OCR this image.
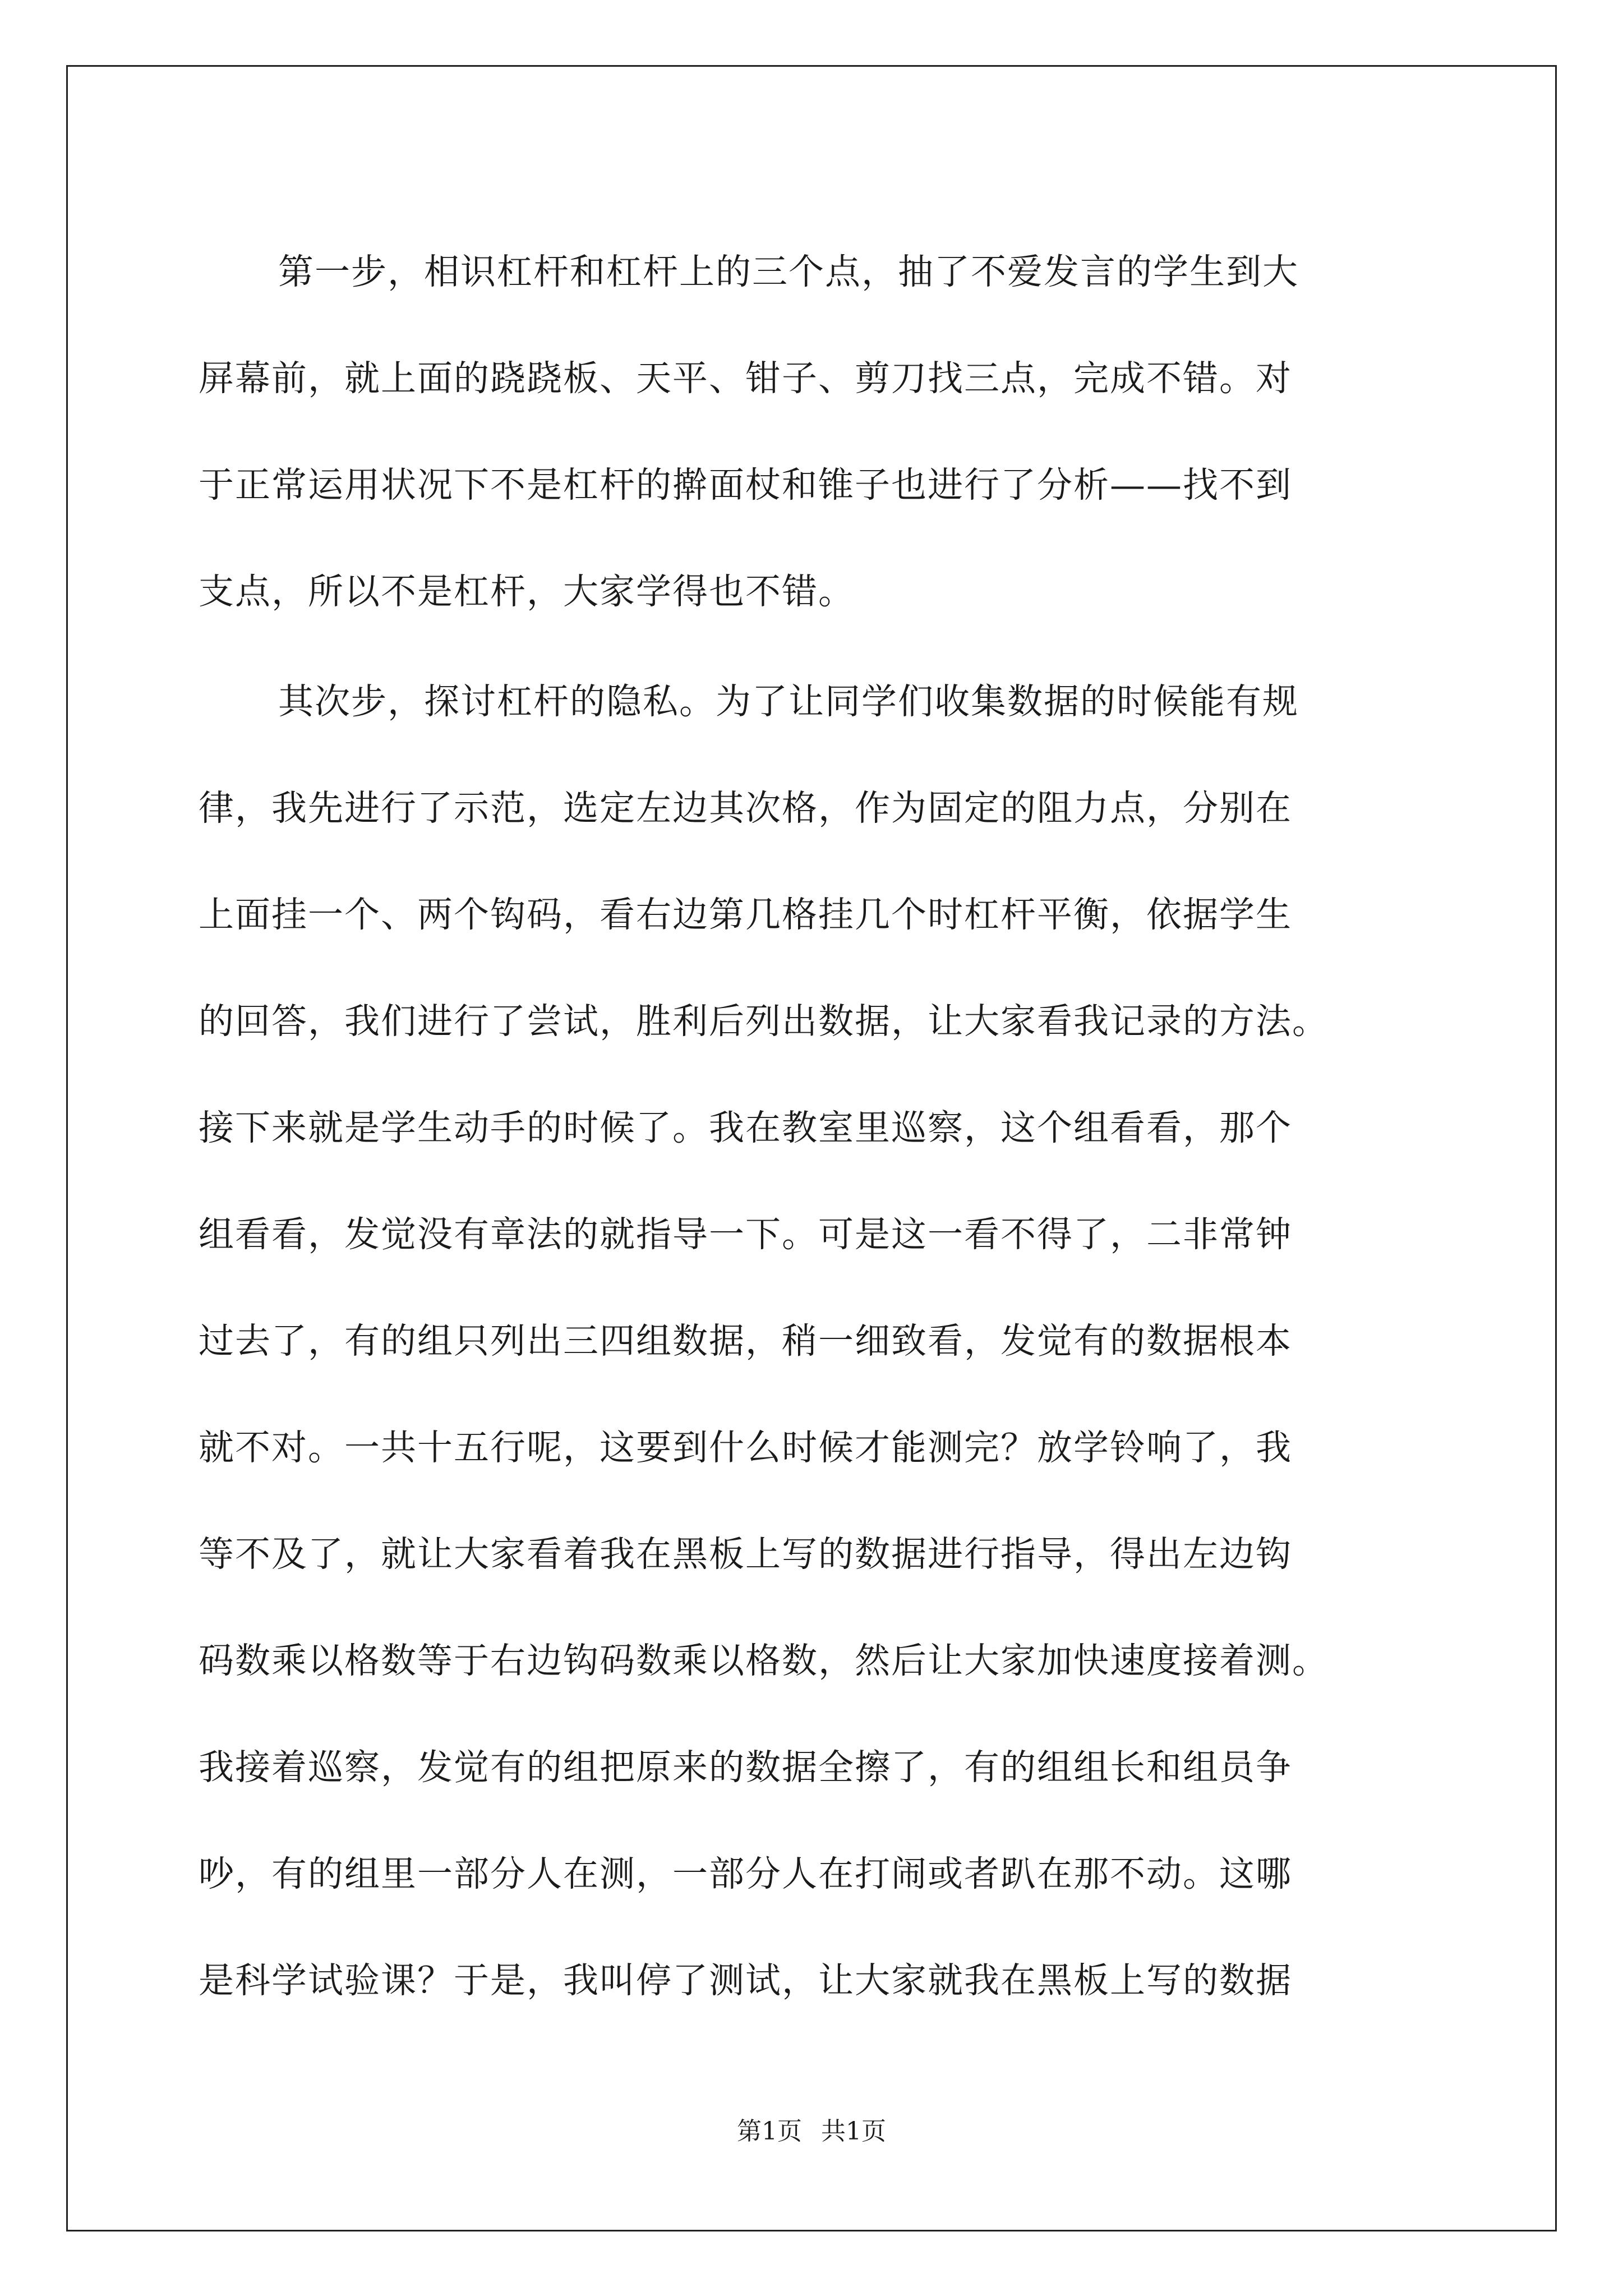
第一步，相识杠杆和杠杆上的三个点，抽了不爱发言的学生到大

屏幕前，就上面的跷跷板、天平、钳子、剪刀找三点，完成不错。对

于正常运用状况下不是杠杆的擀面杖和锥子也进行了分析——找不到

支点，所以不是杠杆，大家学得也不错。

其次步，探讨杠杆的隐私。为了让同学们收集数据的时候能有规

律，我先进行了示范，选定左边其次格，作为固定的阻力点，分别在

上面挂一个、两个钩码，看右边第几格挂几个时杠杆平衡，依据学生

的回答，我们进行了尝试，胜利后列出数据，让大家看我记录的方法。

接下来就是学生动手的时候了。我在教室里巡察，这个组看看，那个

组看看，发觉没有章法的就指导一下。可是这一看不得了，二非常钟

过去了，有的组只列出三四组数据，稍一细致看，发觉有的数据根本

就不对。一共十五行呢，这要到什么时候才能测完？放学铃响了，我

等不及了，就让大家看着我在黑板上写的数据进行指导，得出左边钩

码数乘以格数等于右边钩码数乘以格数，然后让大家加快速度接着测。

我接着巡察，发觉有的组把原来的数据全擦了，有的组组长和组员争

吵，有的组里一部分人在测，一部分人在打闹或者趴在那不动。这哪

是科学试验课？于是，我叫停了测试，让大家就我在黑板上写的数据

第1页 共1页
